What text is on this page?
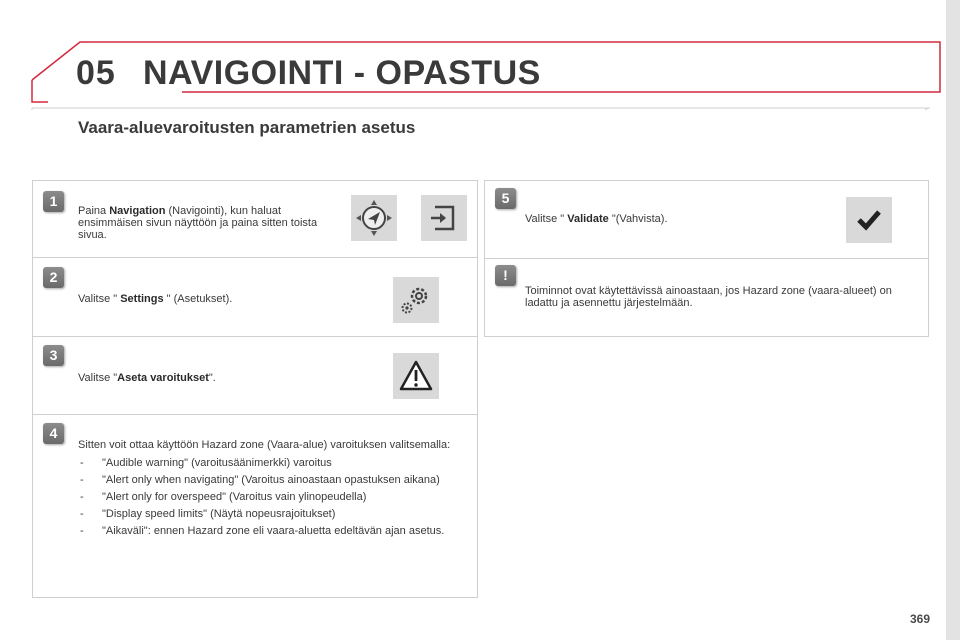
05 NAVIGOINTI - OPASTUS
Vaara-aluevaroitusten parametrien asetus
1
Paina Navigation (Navigointi), kun haluat ensimmäisen sivun näyttöön ja paina sitten toista sivua.
2
Valitse " Settings " (Asetukset).
3
Valitse "Aseta varoitukset".
4
Sitten voit ottaa käyttöön Hazard zone (Vaara-alue) varoituksen valitsemalla:
- "Audible warning" (varoitusäänimerkki) varoitus
- "Alert only when navigating" (Varoitus ainoastaan opastuksen aikana)
- "Alert only for overspeed" (Varoitus vain ylinopeudella)
- "Display speed limits" (Näytä nopeusrajoitukset)
- "Aikaväli": ennen Hazard zone eli vaara-aluetta edeltävän ajan asetus.
5
Valitse " Validate "(Vahvista).
!
Toiminnot ovat käytettävissä ainoastaan, jos Hazard zone (vaara-alueet) on ladattu ja asennettu järjestelmään.
369
